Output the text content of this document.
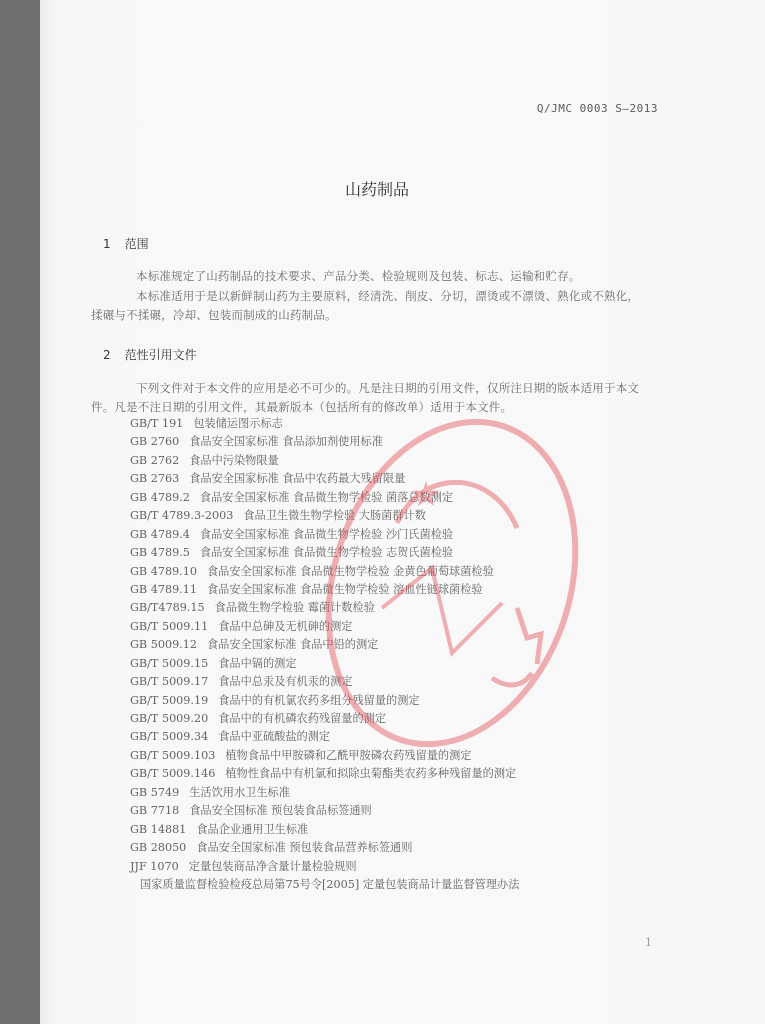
Q/JMC 0003 S—2013
山药制品
1 范围
本标准规定了山药制品的技术要求、产品分类、检验规则及包装、标志、运输和贮存。
本标准适用于是以新鲜制山药为主要原料，经清洗、削皮、分切，漂烫或不漂烫、熟化或不熟化，
揉碾与不揉碾，冷却、包装而制成的山药制品。
2 范性引用文件
下列文件对于本文件的应用是必不可少的。凡是注日期的引用文件，仅所注日期的版本适用于本文
件。凡是不注日期的引用文件，其最新版本（包括所有的修改单）适用于本文件。
GB/T 191 包装储运图示标志
GB 2760 食品安全国家标准 食品添加剂使用标准
GB 2762 食品中污染物限量
GB 2763 食品安全国家标准 食品中农药最大残留限量
GB 4789.2 食品安全国家标准 食品微生物学检验 菌落总数测定
GB/T 4789.3-2003 食品卫生微生物学检验 大肠菌群计数
GB 4789.4 食品安全国家标准 食品微生物学检验 沙门氏菌检验
GB 4789.5 食品安全国家标准 食品微生物学检验 志贺氏菌检验
GB 4789.10 食品安全国家标准 食品微生物学检验 金黄色葡萄球菌检验
GB 4789.11 食品安全国家标准 食品微生物学检验 溶血性链球菌检验
GB/T4789.15 食品微生物学检验 霉菌计数检验
GB/T 5009.11 食品中总砷及无机砷的测定
GB 5009.12 食品安全国家标准 食品中铅的测定
GB/T 5009.15 食品中镉的测定
GB/T 5009.17 食品中总汞及有机汞的测定
GB/T 5009.19 食品中的有机氯农药多组分残留量的测定
GB/T 5009.20 食品中的有机磷农药残留量的测定
GB/T 5009.34 食品中亚硫酸盐的测定
GB/T 5009.103 植物食品中甲胺磷和乙酰甲胺磷农药残留量的测定
GB/T 5009.146 植物性食品中有机氯和拟除虫菊酯类农药多种残留量的测定
GB 5749 生活饮用水卫生标准
GB 7718 食品安全国标准 预包装食品标签通则
GB 14881 食品企业通用卫生标准
GB 28050 食品安全国家标准 预包装食品营养标签通则
JJF 1070 定量包装商品净含量计量检验规则
国家质量监督检验检疫总局第75号令[2005] 定量包装商品计量监督管理办法
1
